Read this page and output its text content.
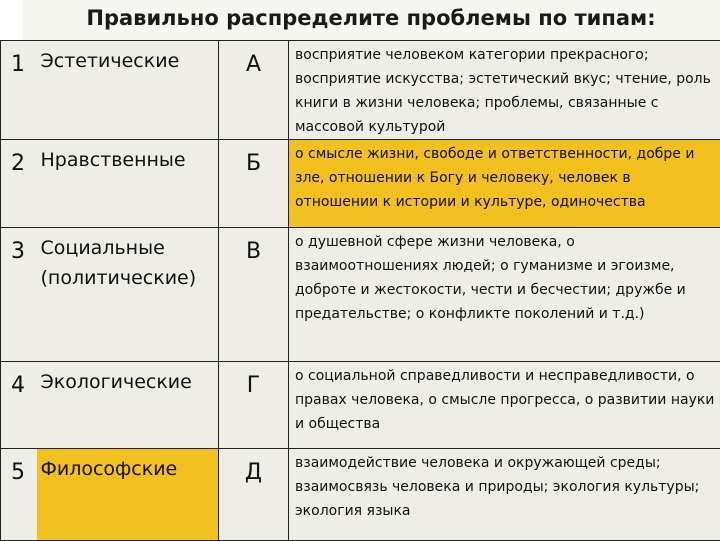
Правильно распределите проблемы по типам:
1	Эстетические	А	восприятие человеком категории прекрасного; восприятие искусства; эстетический вкус; чтение, роль книги в жизни человека; проблемы, связанные с массовой культурой
2	Нравственные	Б	о смысле жизни, свободе и ответственности, добре и зле, отношении к Богу и человеку, человек в отношении к истории и культуре, одиночества
3	Социальные (политические)	В	о душевной сфере жизни человека, о взаимоотношениях людей; о гуманизме и эгоизме, доброте и жестокости, чести и бесчестии; дружбе и предательстве; о конфликте поколений и т.д.)
4	Экологические	Г	о социальной справедливости и несправедливости, о правах человека, о смысле прогресса, о развитии науки и общества
5	Философские	Д	взаимодействие человека и окружающей среды; взаимосвязь человека и природы; экология культуры; экология языка
